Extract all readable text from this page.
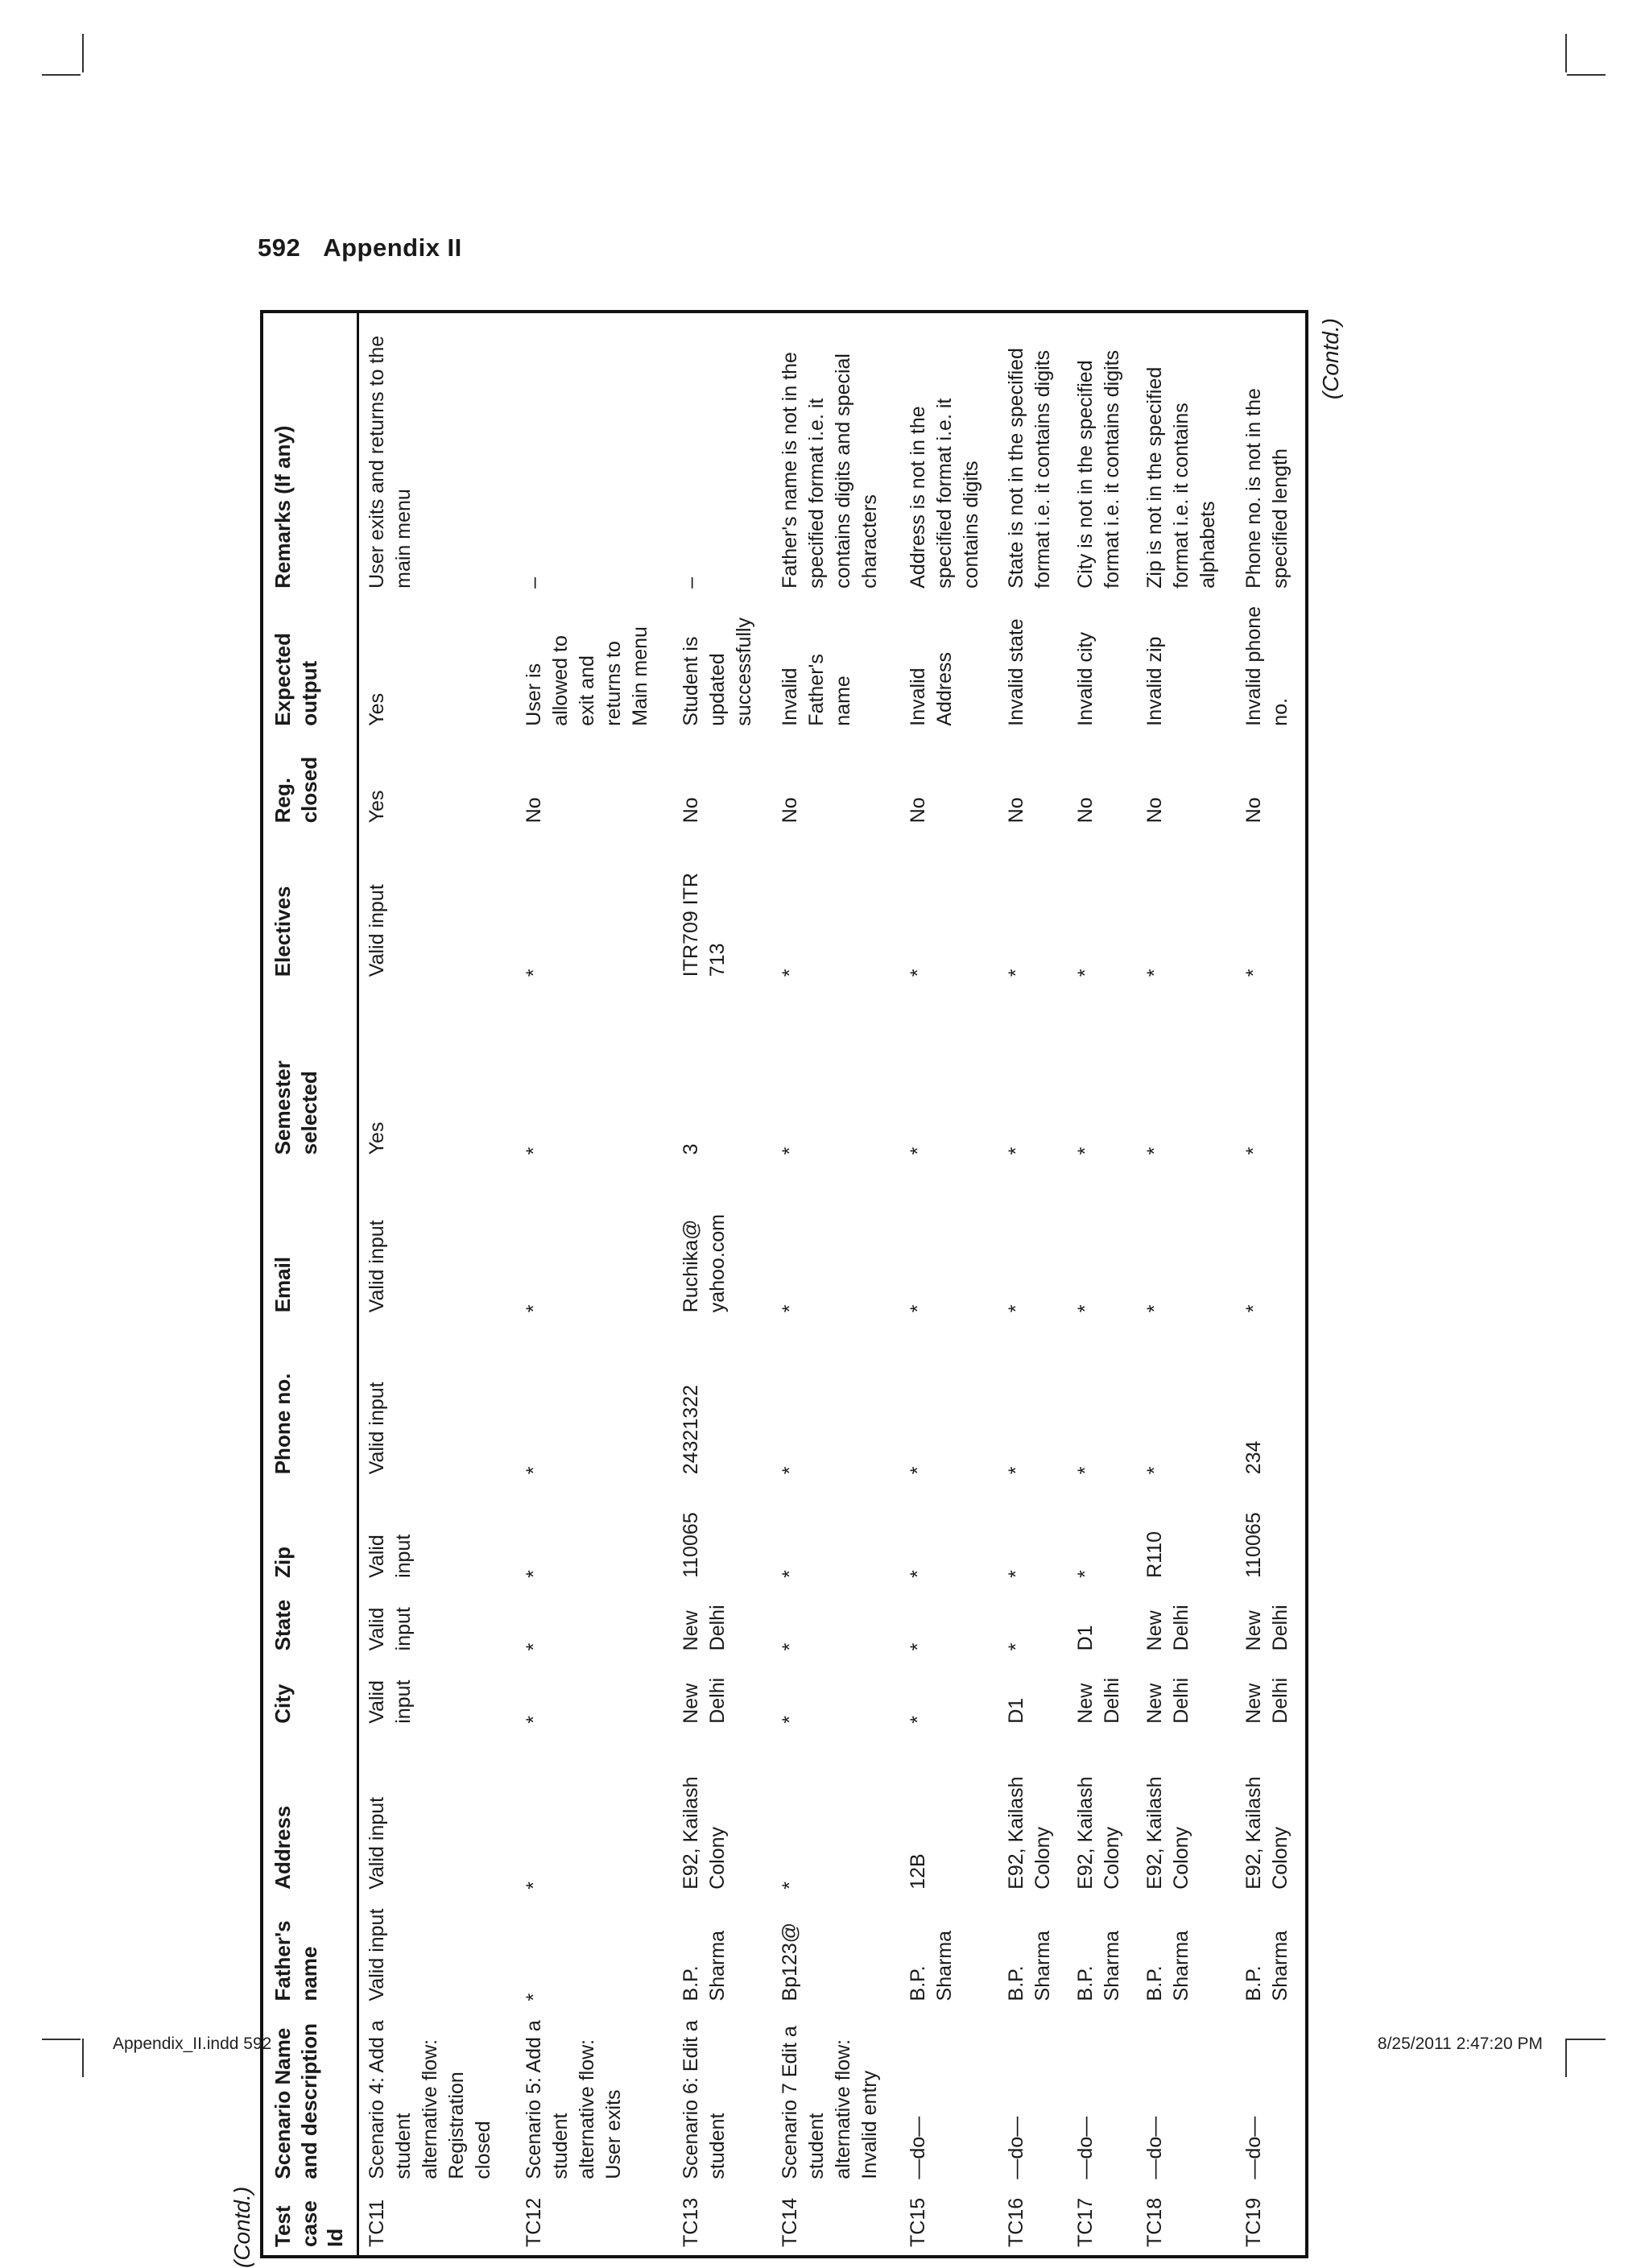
592 Appendix II
(Contd.) Test case Id	Scenario Name and description	Father's name	Address	City	State	Zip	Phone no.	Email	Semester selected	Electives	Reg. closed	Expected output	Remarks (If any)
TC11	Scenario 4: Add a student alternative flow: Registration closed	Valid input	Valid input	Valid input	Valid input	Valid input	Valid input	Valid input	Yes	Valid input	Yes	Yes	User exits and returns to the main menu
TC12	Scenario 5: Add a student alternative flow: User exits	*	*	*	*	*	*	*	*	*	No	User is allowed to exit and returns to Main menu	–
TC13	Scenario 6: Edit a student	B.P. Sharma	E92, Kailash Colony	New Delhi	New Delhi	110065	24321322	Ruchika@ yahoo.com	3	ITR709 ITR 713	No	Student is updated successfully	–
TC14	Scenario 7 Edit a student alternative flow: Invalid entry	Bp123@	*	*	*	*	*	*	*	*	No	Invalid Father's name	Father's name is not in the specified format i.e. it contains digits and special characters
TC15	—do—	B.P. Sharma	12B	*	*	*	*	*	*	*	No	Invalid Address	Address is not in the specified format i.e. it contains digits
TC16	—do—	B.P. Sharma	E92, Kailash Colony	D1	*	*	*	*	*	*	No	Invalid state	State is not in the specified format i.e. it contains digits
TC17	—do—	B.P. Sharma	E92, Kailash Colony	New Delhi	D1	*	*	*	*	*	No	Invalid city	City is not in the specified format i.e. it contains digits
TC18	—do—	B.P. Sharma	E92, Kailash Colony	New Delhi	New Delhi	R110	*	*	*	*	No	Invalid zip	Zip is not in the specified format i.e. it contains alphabets
TC19	—do—	B.P. Sharma	E92, Kailash Colony	New Delhi	New Delhi	110065	234	*	*	*	No	Invalid phone no.	Phone no. is not in the specified length
(Contd.)
Appendix_II.indd 592	8/25/2011 2:47:20 PM
